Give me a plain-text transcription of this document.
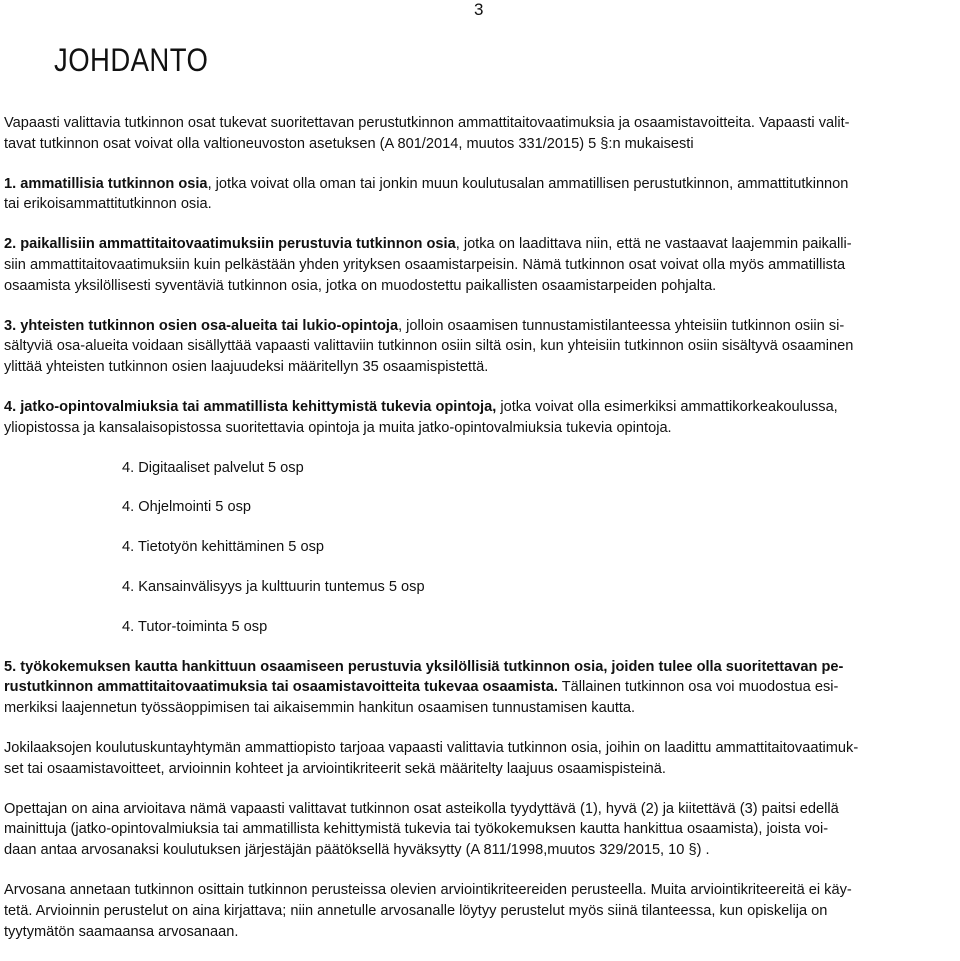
3
JOHDANTO

Vapaasti valittavia tutkinnon osat tukevat suoritettavan perustutkinnon ammattitaitovaatimuksia ja osaamistavoitteita. Vapaasti valit-
tavat tutkinnon osat voivat olla valtioneuvoston asetuksen (A 801/2014, muutos 331/2015) 5 §:n mukaisesti

1. ammatillisia tutkinnon osia, jotka voivat olla oman tai jonkin muun koulutusalan ammatillisen perustutkinnon, ammattitutkinnon
tai erikoisammattitutkinnon osia.

2. paikallisiin ammattitaitovaatimuksiin perustuvia tutkinnon osia, jotka on laadittava niin, että ne vastaavat laajemmin paikalli-
siin ammattitaitovaatimuksiin kuin pelkästään yhden yrityksen osaamistarpeisin. Nämä tutkinnon osat voivat olla myös ammatillista
osaamista yksilöllisesti syventäviä tutkinnon osia, jotka on muodostettu paikallisten osaamistarpeiden pohjalta.

3. yhteisten tutkinnon osien osa-alueita tai lukio-opintoja, jolloin osaamisen tunnustamistilanteessa yhteisiin tutkinnon osiin si-
sältyviä osa-alueita voidaan sisällyttää vapaasti valittaviin tutkinnon osiin siltä osin, kun yhteisiin tutkinnon osiin sisältyvä osaaminen
ylittää yhteisten tutkinnon osien laajuudeksi määritellyn 35 osaamispistettä.

4. jatko-opintovalmiuksia tai ammatillista kehittymistä tukevia opintoja, jotka voivat olla esimerkiksi ammattikorkeakoulussa,
yliopistossa ja kansalaisopistossa suoritettavia opintoja ja muita jatko-opintovalmiuksia tukevia opintoja.

4. Digitaaliset palvelut 5 osp
4. Ohjelmointi 5 osp
4. Tietotyön kehittäminen 5 osp
4. Kansainvälisyys ja kulttuurin tuntemus 5 osp
4. Tutor-toiminta 5 osp

5. työkokemuksen kautta hankittuun osaamiseen perustuvia yksilöllisiä tutkinnon osia, joiden tulee olla suoritettavan pe-
rustutkinnon ammattitaitovaatimuksia tai osaamistavoitteita tukevaa osaamista. Tällainen tutkinnon osa voi muodostua esi-
merkiksi laajennetun työssäoppimisen tai aikaisemmin hankitun osaamisen tunnustamisen kautta.

Jokilaaksojen koulutuskuntayhtymän ammattiopisto tarjoaa vapaasti valittavia tutkinnon osia, joihin on laadittu ammattitaitovaatimuk-
set tai osaamistavoitteet, arvioinnin kohteet ja arviointikriteerit sekä määritelty laajuus osaamispisteinä.

Opettajan on aina arvioitava nämä vapaasti valittavat tutkinnon osat asteikolla tyydyttävä (1), hyvä (2) ja kiitettävä (3) paitsi edellä
mainittuja (jatko-opintovalmiuksia tai ammatillista kehittymistä tukevia tai työkokemuksen kautta hankittua osaamista), joista voi-
daan antaa arvosanaksi koulutuksen järjestäjän päätöksellä hyväksytty (A 811/1998,muutos 329/2015, 10 §) .

Arvosana annetaan tutkinnon osittain tutkinnon perusteissa olevien arviointikriteereiden perusteella. Muita arviointikriteereitä ei käy-
tetä. Arvioinnin perustelut on aina kirjattava; niin annetulle arvosanalle löytyy perustelut myös siinä tilanteessa, kun opiskelija on
tyytymätön saamaansa arvosanaan.
